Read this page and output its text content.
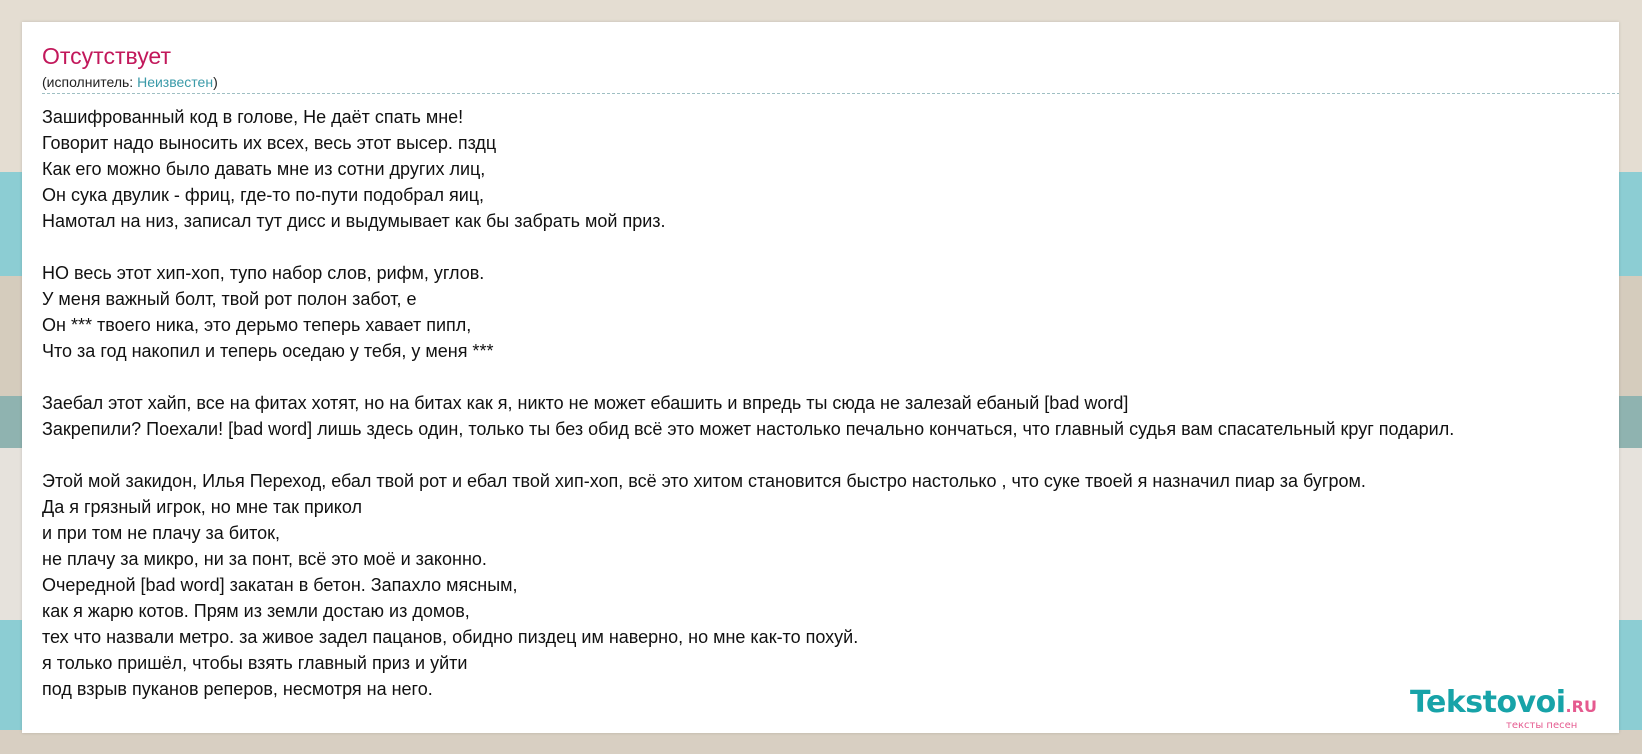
Отсутствует
(исполнитель: Неизвестен)
Зашифрованный код в голове, Не даёт спать мне!
Говорит надо выносить их всех, весь этот высер. пздц
Как его можно было давать мне из сотни других лиц,
Он сука двулик - фриц, где-то по-пути подобрал яиц,
Намотал на низ, записал тут дисс и выдумывает как бы забрать мой приз.
НО весь этот хип-хоп, тупо набор слов, рифм, углов.
У меня важный болт, твой рот полон забот, е
Он *** твоего ника, это дерьмо теперь хавает пипл,
Что за год накопил и теперь оседаю у тебя, у меня ***
Заебал этот хайп, все на фитах хотят, но на битах как я, никто не может ебашить и впредь ты сюда не залезай ебаный [bad word]
Закрепили? Поехали! [bad word] лишь здесь один, только ты без обид всё это может настолько печально кончаться, что главный судья вам спасательный круг подарил.
Этой мой закидон, Илья Переход, ебал твой рот и ебал твой хип-хоп, всё это хитом становится быстро настолько , что суке твоей я назначил пиар за бугром.
Да я грязный игрок, но мне так прикол
и при том не плачу за биток,
не плачу за микро, ни за понт, всё это моё и законно.
Очередной [bad word] закатан в бетон. Запахло мясным,
как я жарю котов. Прям из земли достаю из домов,
тех что назвали метро. за живое задел пацанов, обидно пиздец им наверно, но мне как-то похуй.
я только пришёл, чтобы взять главный приз и уйти
под взрыв пуканов реперов, несмотря на него.	Tekstovoi.RU
тексты песен
